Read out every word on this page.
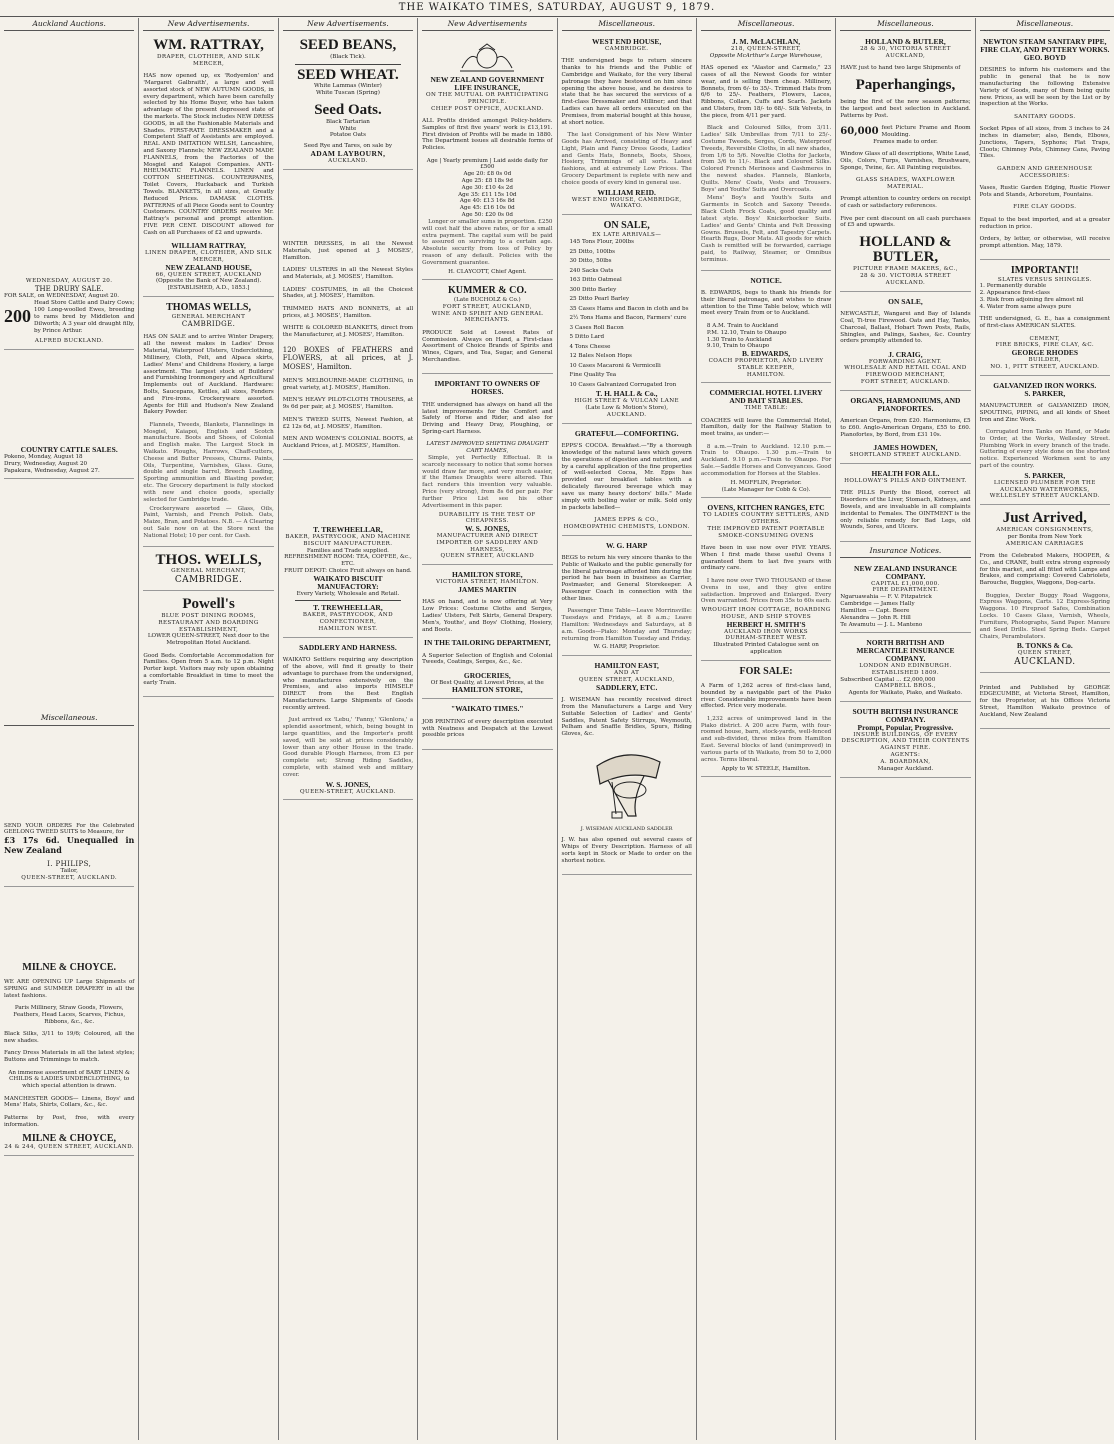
THE WAIKATO TIMES, SATURDAY, AUGUST 9, 1879.
Auckland Auctions.
WEDNESDAY, AUGUST 20.
THE DRURY SALE.
FOR SALE, on WEDNESDAY, August 20.
200
Head Store Cattle and Dairy Cows; 100 Long-woolled Ewes, breeding to rams bred by Middleton and Dilworth; A 3 year old draught filly, by Prince Arthur.
ALFRED BUCKLAND.
COUNTRY CATTLE SALES.
Pokeno, Monday, August 18
Drury, Wednesday, August 20
Papakura, Wednesday, August 27.
Miscellaneous.
SEND YOUR ORDERS For the Celebrated GEELONG TWEED SUITS to Measure, for
£3 17s 6d. Unequalled in New Zealand
I. PHILIPS,
Tailor,
QUEEN-STREET, AUCKLAND.
MILNE & CHOYCE.

WE ARE OPENING UP Large Shipments of SPRING and SUMMER DRAPERY in all the latest fashions.

Paris Millinery, Straw Goods, Flowers, Feathers, Head Laces, Scarves, Fichus, Ribbons, &c., &c.

Black Silks, 3/11 to 19/6; Coloured, all the new shades.

Fancy Dress Materials in all the latest styles; Buttons and Trimmings to match.

An immense assortment of BABY LINEN & CHILDS & LADIES UNDERCLOTHING, to which special attention is drawn.

MANCHESTER GOODS— Linens, Boys' and Mens' Hats, Shirts, Collars, &c., &c.

Patterns by Post, free, with every information.

MILNE & CHOYCE,
24 & 244, QUEEN STREET, AUCKLAND.
New Advertisements.
WM. RATTRAY,
DRAPER, CLOTHIER, AND SILK MERCER,

HAS now opened up, ex 'Rodyemlon' and 'Margaret Galbraith', a large and well assorted stock of NEW AUTUMN GOODS, in every department, which have been carefully selected by his Home Buyer, who has taken advantage of the present depressed state of the markets. The Stock includes NEW DRESS GOODS, in all the Fashionable Materials and Shades. FIRST-RATE DRESSMAKER and a Competent Staff of Assistants are employed. REAL AND IMITATION WELSH, Lancashire, and Saxony Flannels; NEW ZEALAND MADE FLANNELS, from the Factories of the Mosgiel and Kaiapoi Companies. ANTI-RHEUMATIC FLANNELS. LINEN and COTTON SHEETINGS. COUNTERPANES, Toilet Covers, Huckaback and Turkish Towels. BLANKETS, in all sizes, at Greatly Reduced Prices. DAMASK CLOTHS. PATTERNS of all Piece Goods sent to Country Customers. COUNTRY ORDERS receive Mr. Rattray's personal and prompt attention. FIVE PER CENT. DISCOUNT allowed for Cash on all Purchases of £2 and upwards.

WILLIAM RATTRAY,
LINEN DRAPER, CLOTHIER, AND SILK MERCER,
NEW ZEALAND HOUSE,
66, QUEEN STREET, AUCKLAND
(Opposite the Bank of New Zealand).
[ESTABLISHED, A.D., 1853.]
THOMAS WELLS,
GENERAL MERCHANT
CAMBRIDGE.

HAS ON SALE and to arrive Winter Drapery, all the newest makes in Ladies' Dress Material, Waterproof Ulsters, Underclothing, Millinery, Cloth, Felt, and Alpaca skirts, Ladies' Mens' and Childrens Hosiery, a large assortment. The largest stock of Builders' and Furnishing Ironmongery and Agricultural Implements out of Auckland. Hardware: Bolts, Saucepans, Kettles, all sizes, Fenders and Fire-irons. Crockeryware assorted. Agents for Hill and Hudson's New Zealand Bakery Powder.

Flannels, Tweeds, Blankets, Flannelings in Mosgiel, Kaiapoi, English and Scotch manufacture. Boots and Shoes, of Colonial and English make. The Largest Stock in Waikato. Ploughs, Harrows, Chaff-cutters, Cheese and Butter Presses, Churns. Paints, Oils, Turpentine, Varnishes, Glass. Guns, double and single barrel, Breech Loading, Sporting ammunition and Blasting powder, etc. The Grocery department is fully stocked with new and choice goods, specially selected for Cambridge trade.

Crockeryware assorted — Glass, Oils, Paint, Varnish, and French Polish. Oats, Maize, Bran, and Potatoes. N.B. — A Clearing out Sale now on at the Store next the National Hotel; 10 per cent. for Cash.

THOS. WELLS,
GENERAL MERCHANT,
CAMBRIDGE.
Powell's
BLUE POST DINING ROOMS, RESTAURANT AND BOARDING ESTABLISHMENT,
LOWER QUEEN-STREET, Next door to the Metropolitan Hotel Auckland.

Good Beds. Comfortable Accommodation for Families. Open from 5 a.m. to 12 p.m. Night Porter kept. Visitors may rely upon obtaining a comfortable Breakfast in time to meet the early Train.

New Advertisements.
SEED BEANS,
(Black Tick).
SEED WHEAT.
White Lammas (Winter)
White Tuscan (Spring)
Seed Oats.
Black Tartarian
White
Potatoe Oats
Seed Rye and Tares, on sale by
ADAM LAYBOURN,
AUCKLAND.

WINTER DRESSES, in all the Newest Materials, just opened at J. MOSES', Hamilton.

LADIES' ULSTERS in all the Newest Styles and Materials, at J. MOSES', Hamilton.

LADIES' COSTUMES, in all the Choicest Shades, at J. MOSES', Hamilton.

TRIMMED HATS AND BONNETS, at all prices, at J. MOSES', Hamilton.

WHITE & COLORED BLANKETS, direct from the Manufacturer, at J. MOSES', Hamilton.

120 BOXES of FEATHERS and FLOWERS, at all prices, at J. MOSES', Hamilton.

MEN'S MELBOURNE-MADE CLOTHING, in great variety, at J. MOSES', Hamilton.

MEN'S HEAVY PILOT-CLOTH TROUSERS, at 9s 6d per pair, at J. MOSES', Hamilton.

MEN'S TWEED SUITS, Newest Fashion, at £2 12s 6d, at J. MOSES', Hamilton.

MEN AND WOMEN'S COLONIAL BOOTS, at Auckland Prices, at J. MOSES', Hamilton.

T. TREWHEELLAR,
BAKER, PASTRYCOOK, AND MACHINE BISCUIT MANUFACTURER.
Families and Trade supplied.
REFRESHMENT ROOM: TEA, COFFEE, &c., ETC.
FRUIT DEPOT: Choice Fruit always on hand.
WAIKATO BISCUIT MANUFACTORY:
Every Variety, Wholesale and Retail.
T. TREWHEELLAR,
BAKER, PASTRYCOOK, AND CONFECTIONER,
HAMILTON WEST.
SADDLERY AND HARNESS.

WAIKATO Settlers requiring any description of the above, will find it greatly to their advantage to purchase from the undersigned, who manufactures extensively on the Premises, and also imports HIMSELF DIRECT from the Best English Manufacturers. Large Shipments of Goods recently arrived.

Just arrived ex 'Lebu,' 'Fanny,' 'Glenlora,' a splendid assortment, which, being bought in large quantities, and the Importer's profit saved, will be sold at prices considerably lower than any other House in the trade. Good durable Plough Harness, from £3 per complete set; Strong Riding Saddles, complete, with stained web and military cover.

W. S. JONES,
QUEEN-STREET, AUCKLAND.
New Advertisements
NEW ZEALAND GOVERNMENT LIFE INSURANCE,
ON THE MUTUAL OR PARTICIPATING PRINCIPLE.
CHIEF POST OFFICE, AUCKLAND.

ALL Profits divided amongst Policy-holders. Samples of first five years' work is £13,191. First division of Profits will be made in 1880. The Department issues all desirable forms of Policies.

Age | Yearly premium | Laid aside daily for £500
Age 20: £8 0s 0d
Age 25: £8 18s 9d
Age 30: £10 4s 2d
Age 35: £11 15s 10d
Age 40: £13 16s 8d
Age 45: £16 10s 0d
Age 50: £20 0s 0d

Longer or smaller sums in proportion. £250 will cost half the above rates, or for a small extra payment. The capital sum will be paid to assured on surviving to a certain age. Absolute security from loss of Policy by reason of any default. Policies with the Government guarantee.

H. CLAYCOTT, Chief Agent.
KUMMER & CO.
(Late BUCHOLZ & Co.)
FORT STREET, AUCKLAND,
WINE AND SPIRIT AND GENERAL MERCHANTS.

PRODUCE Sold at Lowest Rates of Commission. Always on Hand, a First-class Assortment of Choice Brands of Spirits and Wines, Cigars, and Tea, Sugar, and General Merchandise.

IMPORTANT TO OWNERS OF HORSES.

THE undersigned has always on hand all the latest improvements for the Comfort and Safety of Horse and Rider, and also for Driving and Heavy Dray, Ploughing, or Spring-cart Harness.

LATEST IMPROVED SHIFTING DRAUGHT CART HAMES,

Simple, yet Perfectly Effectual. It is scarcely necessary to notice that some horses would draw far more, and very much easier, if the Hames Draughts were altered. This fact renders this invention very valuable. Price (very strong), from 8s 6d per pair. For further Price List see his other Advertisement in this paper.

DURABILITY IS THE TEST OF CHEAPNESS.
W. S. JONES,
MANUFACTURER AND DIRECT IMPORTER OF SADDLERY AND HARNESS,
QUEEN STREET, AUCKLAND
HAMILTON STORE,
VICTORIA STREET, HAMILTON.
JAMES MARTIN

HAS on hand, and is now offering at Very Low Prices: Costume Cloths and Serges, Ladies' Ulsters, Felt Skirts, General Drapery. Men's, Youths', and Boys' Clothing, Hosiery, and Boots.

IN THE TAILORING DEPARTMENT,

A Superior Selection of English and Colonial Tweeds, Coatings, Serges, &c., &c.

GROCERIES,
Of Best Quality, at Lowest Prices, at the
HAMILTON STORE,
"WAIKATO TIMES."

JOB PRINTING of every description executed with Neatness and Despatch at the Lowest possible prices

Miscellaneous.
WEST END HOUSE,
CAMBRIDGE.

THE undersigned begs to return sincere thanks to his friends and the Public of Cambridge and Waikato, for the very liberal patronage they have bestowed on him since opening the above house, and he desires to state that he has secured the services of a first-class Dressmaker and Milliner; and that Ladies can have all orders executed on the Premises, from material bought at this house, at short notice.

The last Consignment of his New Winter Goods has Arrived, consisting of Heavy and Light, Plain and Fancy Dress Goods, Ladies' and Gents Hats, Bonnets, Boots, Shoes, Hosiery, Trimmings of all sorts. Latest fashions, and at extremely Low Prices. The Grocery Department is replete with new and choice goods of every kind in general use.

WILLIAM REID.
WEST END HOUSE, CAMBRIDGE, WAIKATO.
ON SALE,
EX LATE ARRIVALS—
145 Tons Flour, 200lbs
25 Ditto, 100lbs
30 Ditto, 50lbs
240 Sacks Oats
163 Ditto Oatmeal
300 Ditto Barley
25 Ditto Pearl Barley
35 Cases Hams and Bacon in cloth and bs
2½ Tons Hams and Bacon, Farmers' cure
3 Cases Roll Bacon
5 Ditto Lard
4 Tons Cheese
12 Bales Nelson Hops
10 Cases Macaroni & Vermicelli
Fine Quality Tea
10 Cases Galvanized Corrugated Iron
T. H. HALL & Co.,
HIGH STREET & VULCAN LANE
(Late Low & Motion's Store),
AUCKLAND.
GRATEFUL—COMFORTING.

EPPS'S COCOA. Breakfast.—"By a thorough knowledge of the natural laws which govern the operations of digestion and nutrition, and by a careful application of the fine properties of well-selected Cocoa, Mr. Epps has provided our breakfast tables with a delicately flavoured beverage which may save us many heavy doctors' bills." Made simply with boiling water or milk. Sold only in packets labelled—

JAMES EPPS & CO.,
HOMŒOPATHIC CHEMISTS, LONDON.
W. G. HARP

BEGS to return his very sincere thanks to the Public of Waikato and the public generally for the liberal patronage afforded him during the period he has been in business as Carrier, Postmaster, and General Storekeeper. A Passenger Coach in connection with the other lines.

Passenger Time Table—Leave Morrinsville: Tuesdays and Fridays, at 8 a.m.; Leave Hamilton: Wednesdays and Saturdays, at 8 a.m. Goods—Piako: Monday and Thursday; returning from Hamilton Tuesday and Friday.

W. G. HARP, Proprietor.
HAMILTON EAST,
AND AT
QUEEN STREET, AUCKLAND,
SADDLERY, ETC.

J. WISEMAN has recently received direct from the Manufacturers a Large and Very Suitable Selection of Ladies' and Gents' Saddles, Patent Safety Stirrups, Weymouth, Pelham and Snaffle Bridles, Spurs, Riding Gloves, &c.

J. WISEMAN AUCKLAND SADDLER

J. W. has also opened out several cases of Whips of Every Description. Harness of all sorts kept in Stock or Made to order on the shortest notice.

Miscellaneous.
J. M. McLACHLAN,
218, QUEEN-STREET,
Opposite McArthur's Large Warehouse,

HAS opened ex "Alastor and Carmelo," 23 cases of all the Newest Goods for winter wear, and is selling them cheap. Millinery, Bonnets, from 6/- to 35/-. Trimmed Hats from 6/6 to 25/-. Feathers, Flowers, Laces, Ribbons, Collars, Cuffs and Scarfs. Jackets and Ulsters, from 18/- to 68/-. Silk Velvets, in the piece, from 4/11 per yard.

Black and Coloured Silks, from 3/11. Ladies' Silk Umbrellas from 7/11 to 25/-. Costume Tweeds, Serges, Cords, Waterproof Tweeds, Reversible Cloths, in all new shades, from 1/6 to 5/6. Noveltie Cloths for Jackets, from 3/6 to 11/-. Black and Coloured Silks. Colored French Merinoes and Cashmeres in the newest shades. Flannels, Blankets, Quilts. Mens' Coats, Vests and Trousers. Boys' and Youths' Suits and Overcoats.

Mens' Boy's and Youth's Suits and Garments in Scotch and Saxony Tweeds. Black Cloth Frock Coats, good quality and latest style. Boys' Knickerbocker Suits. Ladies' and Gents' Chinta and Felt Dressing Gowns. Brussels, Felt, and Tapestry Carpets. Hearth Rugs, Door Mats. All goods for which Cash is remitted will be forwarded, carriage paid, to Railway, Steamer, or Omnibus terminus.

NOTICE.

B. EDWARDS, begs to thank his friends for their liberal patronage, and wishes to draw attention to the Time Table below, which will meet every Train from or to Auckland.

8 A.M. Train to Auckland
P.M. 12.10, Train to Ohaupo
1.30 Train to Auckland
9.10, Train to Ohaupo
B. EDWARDS,
COACH PROPRIETOR, AND LIVERY STABLE KEEPER,
HAMILTON.
COMMERCIAL HOTEL LIVERY AND BAIT STABLES.
TIME TABLE:

COACHES will leave the Commercial Hotel, Hamilton, daily for the Railway Station to meet trains, as under:—

8 a.m.—Train to Auckland. 12.10 p.m.—Train to Ohaupo. 1.30 p.m.—Train to Auckland. 9.10 p.m.—Train to Ohaupo. For Sale.—Saddle Horses and Conveyances. Good accommodation for Horses at the Stables.

H. MOFFLIN, Proprietor.
(Late Manager for Cobb & Co).
OVENS, KITCHEN RANGES, ETC
TO LADIES COUNTRY SETTLERS, AND OTHERS.
THE IMPROVED PATENT PORTABLE SMOKE-CONSUMING OVENS

Have been in use now over FIVE YEARS. When I first made these useful Ovens I guaranteed them to last five years with ordinary care.

I have now over TWO THOUSAND of these Ovens in use, and they give entire satisfaction. Improved and Enlarged. Every Oven warranted. Prices from 35s to 60s each.

WROUGHT IRON COTTAGE, BOARDING HOUSE, AND SHIP STOVES
HERBERT H. SMITH'S
AUCKLAND IRON WORKS
DURHAM-STREET WEST.
Illustrated Printed Catalogue sent on application
FOR SALE:

A Farm of 1,262 acres of first-class land, bounded by a navigable part of the Piako river. Considerable improvements have been effected. Price very moderate.

1,232 acres of unimproved land in the Piako district. A 200 acre Farm, with four-roomed house, barn, stock-yards, well-fenced and sub-divided, three miles from Hamilton East. Several blocks of land (unimproved) in various parts of th Waikato, from 50 to 2,000 acres. Terms liberal.

Apply to W. STEELE, Hamilton.
Miscellaneous.
HOLLAND & BUTLER,
28 & 30, VICTORIA STREET AUCKLAND,

HAVE just to hand two large Shipments of

Paperhangings,

being the first of the new season patterns; the largest and best selection in Auckland. Patterns by Post.

60,000 feet Picture Frame and Room Moulding.
Frames made to order.

Window Glass of all descriptions, White Lead, Oils, Colors, Turps, Varnishes, Brushware, Sponge, Twine, &c. All Painting requisites.

GLASS SHADES, WAXFLOWER MATERIAL.

Prompt attention to country orders on receipt of cash or satisfactory references.

Five per cent discount on all cash purchases of £5 and upwards.

HOLLAND & BUTLER,
PICTURE FRAME MAKERS, &C.,
28 & 30. VICTORIA STREET AUCKLAND.
ON SALE,

NEWCASTLE, Wangarei and Bay of Islands Coal, Ti-tree Firewood. Oats and Hay, Tanks, Charcoal, Ballast, Hobart Town Posts, Rails, Shingles, and Palings, Sashes, &c. Country orders promptly attended to.

J. CRAIG,
FORWARDING AGENT.
WHOLESALE AND RETAIL COAL AND FIREWOOD MERCHANT,
FORT STREET, AUCKLAND.
ORGANS, HARMONIUMS, AND PIANOFORTES.

American Organs, from £20. Harmoniums, £5 to £60. Anglo-American Organs, £55 to £60. Pianofortes, by Bord, from £31 10s.

JAMES HOWDEN,
SHORTLAND STREET AUCKLAND.
HEALTH FOR ALL.
HOLLOWAY'S PILLS AND OINTMENT.

THE PILLS Purify the Blood, correct all Disorders of the Liver, Stomach, Kidneys, and Bowels, and are invaluable in all complaints incidental to Females. The OINTMENT is the only reliable remedy for Bad Legs, old Wounds, Sores, and Ulcers.

Insurance Notices.
NEW ZEALAND INSURANCE COMPANY.
CAPITAL £1,000,000.
FIRE DEPARTMENT.
Ngaruawahia — F. V. Fitzpatrick
Cambridge — James Hally
Hamilton — Capt. Beere
Alexandra — John R. Hill
Te Awamutu — J. L. Manteno
NORTH BRITISH AND MERCANTILE INSURANCE COMPANY.
LONDON AND EDINBURGH.
ESTABLISHED 1809.
Subscribed Capital ... £2,000,000
CAMPBELL BROS.,
Agents for Waikato, Piako, and Waikato.
SOUTH BRITISH INSURANCE COMPANY.
Prompt, Popular, Progressive.
INSURE BUILDINGS, OF EVERY DESCRIPTION, AND THEIR CONTENTS AGAINST FIRE.
AGENTS:
A. BOARDMAN,
Manager Auckland.
Miscellaneous.
NEWTON STEAM SANITARY PIPE, FIRE CLAY, AND POTTERY WORKS.
GEO. BOYD

DESIRES to inform his customers and the public in general that he is now manufacturing the following Extensive Variety of Goods, many of them being quite new. Prices, as will be seen by the List or by inspection at the Works.

SANITARY GOODS.

Socket Pipes of all sizes, from 3 inches to 24 inches in diameter; also, Bends, Elbows, Junctions, Tapers, Syphons; Flat Traps, Cloots; Chimney Pots, Chimney Cans, Paving Tiles.

GARDEN AND GREENHOUSE ACCESSORIES:

Vases, Rustic Garden Edging, Rustic Flower Pots and Stands, Arboretum, Fountains.

FIRE CLAY GOODS.

Equal to the best imported, and at a greater reduction in price.

Orders, by letter, or otherwise, will receive prompt attention. May, 1879.

IMPORTANT!!
SLATES VERSUS SHINGLES.
1. Permanently durable
2. Appearance first-class
3. Risk from adjoining fire almost nil
4. Water from same always pure

THE undersigned, G. E., has a consignment of first-class AMERICAN SLATES.

CEMENT,
FIRE BRICKS, FIRE CLAY, &C.
GEORGE RHODES
BUILDER,
NO. 1, PITT STREET, AUCKLAND.
GALVANIZED IRON WORKS.
S. PARKER,

MANUFACTURER of GALVANIZED IRON, SPOUTING, PIPING, and all kinds of Sheet Iron and Zinc Work.

Corrugated Iron Tanks on Hand, or Made to Order, at the Works, Wellesley Street. Plumbing Work in every branch of the trade. Guttering of every style done on the shortest notice. Experienced Workmen sent to any part of the country.

S. PARKER,
LICENSED PLUMBER FOR THE AUCKLAND WATERWORKS,
WELLESLEY STREET AUCKLAND.
Just Arrived,
AMERICAN CONSIGNMENTS,
per Bonita from New York
AMERICAN CARRIAGES

From the Celebrated Makers, HOOPER, & Co., and CRANE, built extra strong expressly for this market, and all fitted with Lamps and Brakes, and comprising: Covered Cabriolets, Barouche, Buggies, Waggons, Dog-carts.

Buggies, Dexter Buggy Road Waggons, Express Waggons, Carts. 12 Express-Spring Waggons. 10 Fireproof Safes, Combination Locks. 10 Cases Glass, Varnish, Wheels, Furniture, Photographs, Sand Paper. Manure and Seed Drills. Steel Spring Beds. Carpet Chairs, Perambulators.

B. TONKS & Co.
QUEEN STREET,
AUCKLAND.

Printed and Published by GEORGE EDGECUMBE, at Victoria Street, Hamilton, for the Proprietor, at his Offices Victoria Street, Hamilton Waikato province of Auckland, New Zealand
